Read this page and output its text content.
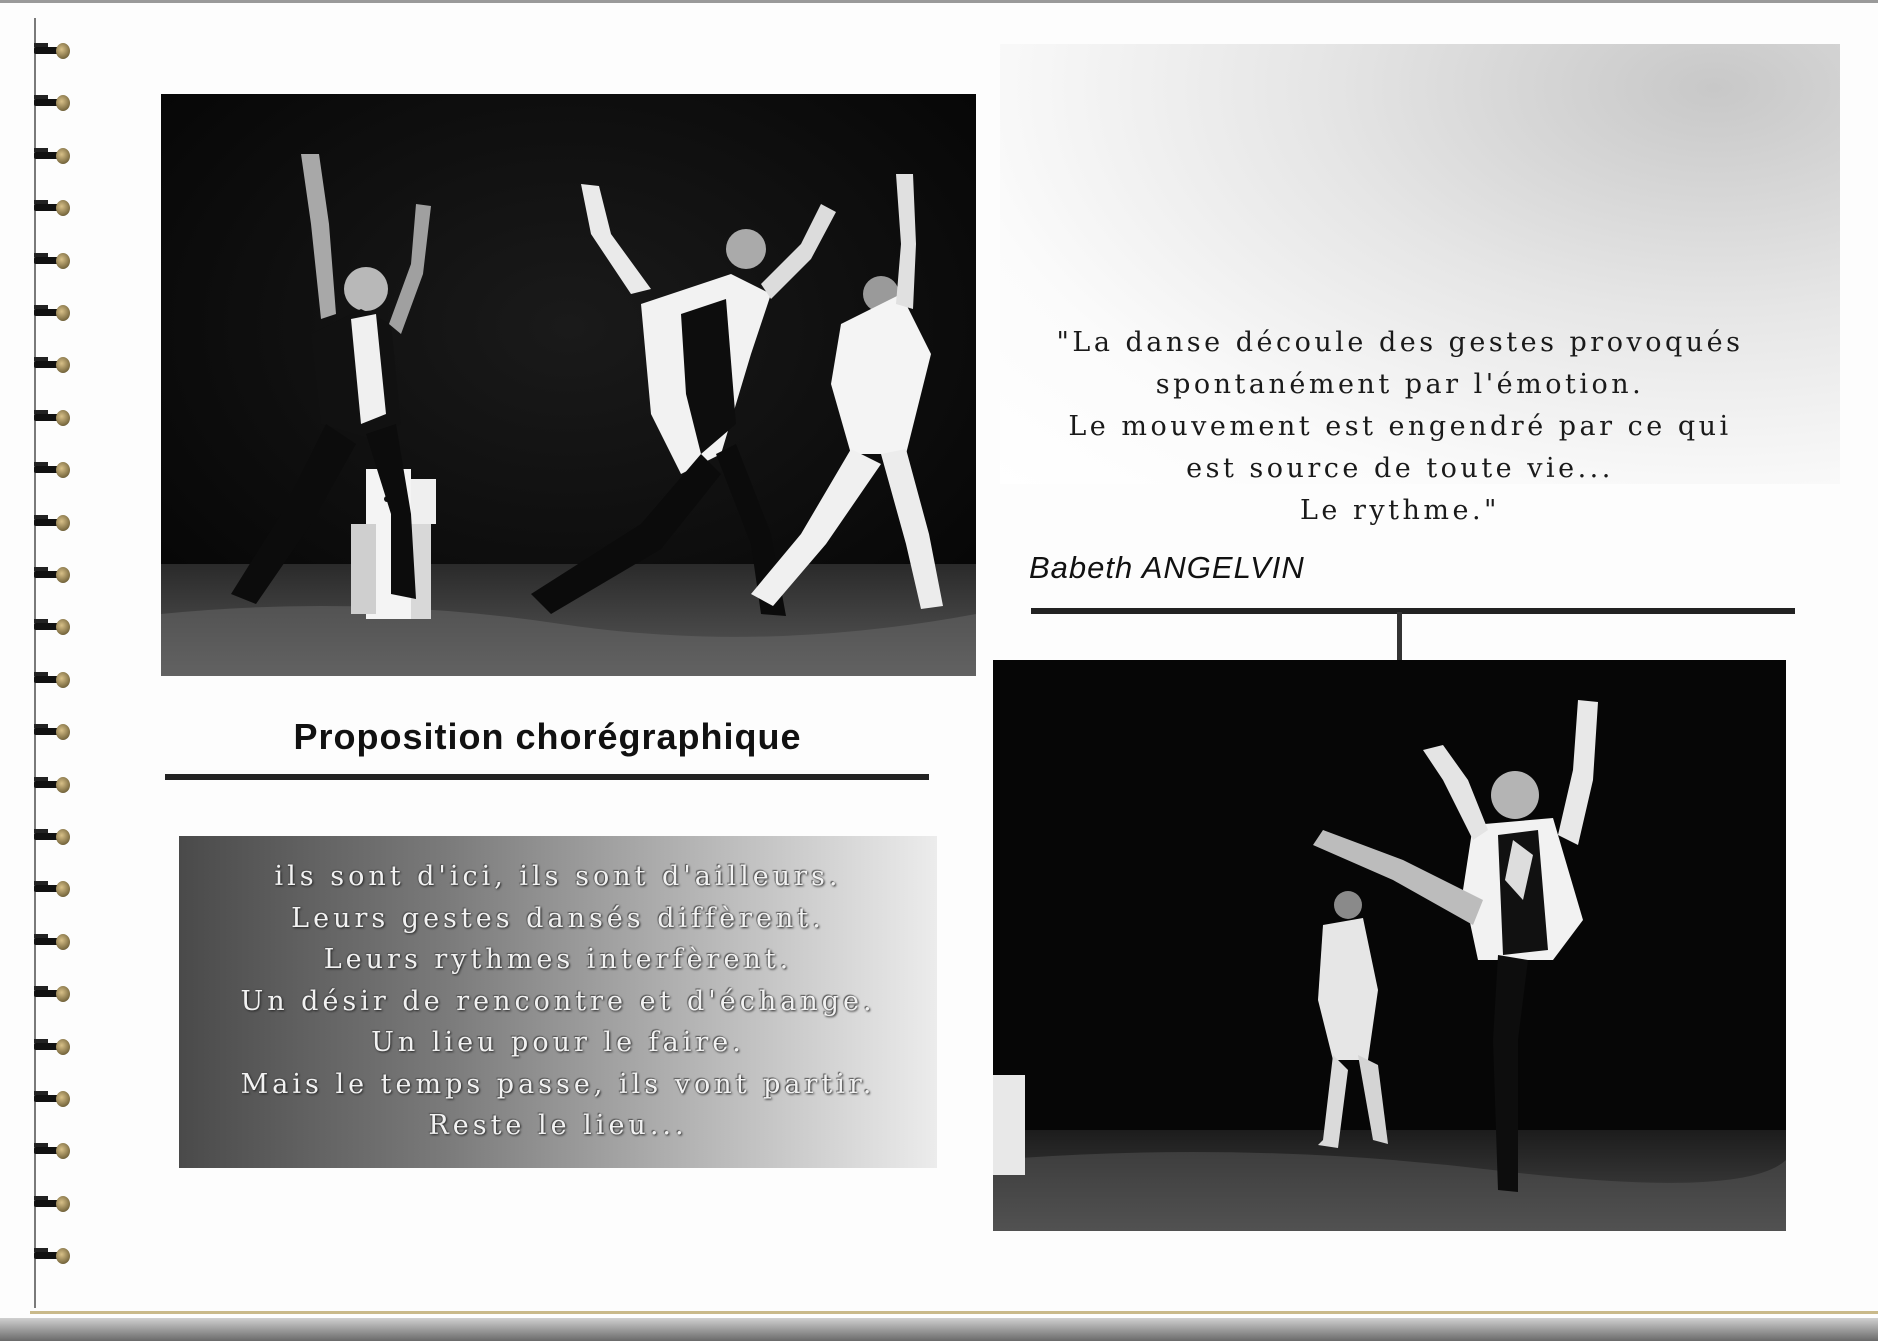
Proposition chorégraphique
ils sont d'ici, ils sont d'ailleurs.
Leurs gestes dansés diffèrent.
Leurs rythmes interfèrent.
Un désir de rencontre et d'échange.
Un lieu pour le faire.
Mais le temps passe, ils vont partir.
Reste le lieu...
"La danse découle des gestes provoqués
spontanément par l'émotion.
Le mouvement est engendré par ce qui
est source de toute vie...
Le rythme."
Babeth ANGELVIN
